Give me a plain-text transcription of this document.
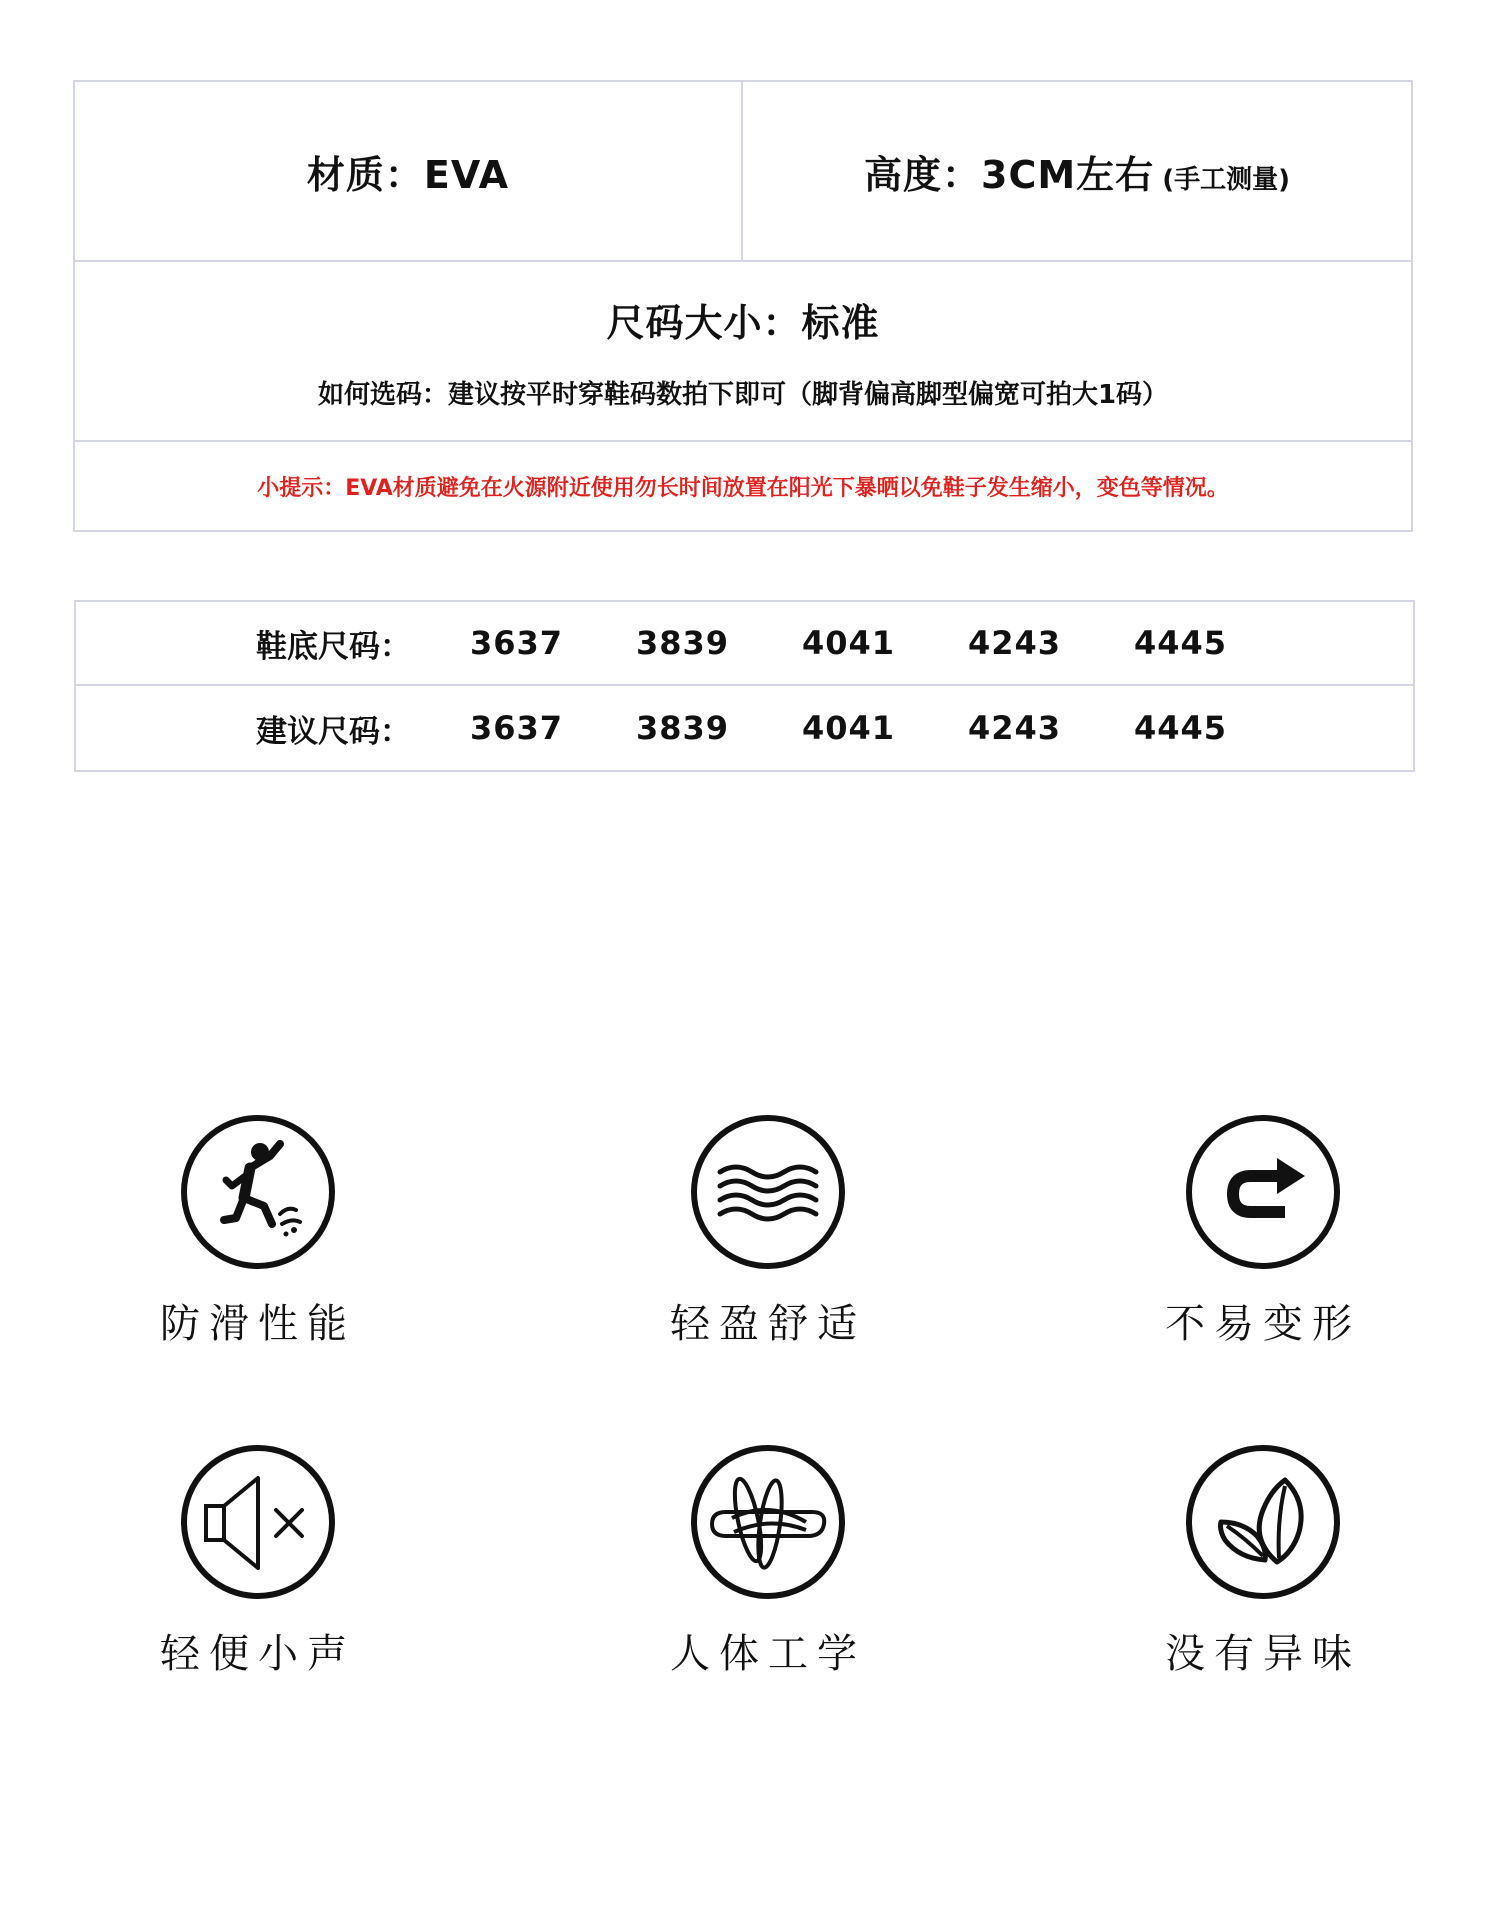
材质：EVA	高度：3CM左右 (手工测量)
尺码大小：标准
如何选码：建议按平时穿鞋码数拍下即可（脚背偏高脚型偏宽可拍大1码）
小提示：EVA材质避免在火源附近使用勿长时间放置在阳光下暴晒以免鞋子发生缩小，变色等情况。
鞋底尺码： 3637 3839 4041 4243 4445
建议尺码： 3637 3839 4041 4243 4445
防滑性能	轻盈舒适	不易变形
轻便小声	人体工学	没有异味
